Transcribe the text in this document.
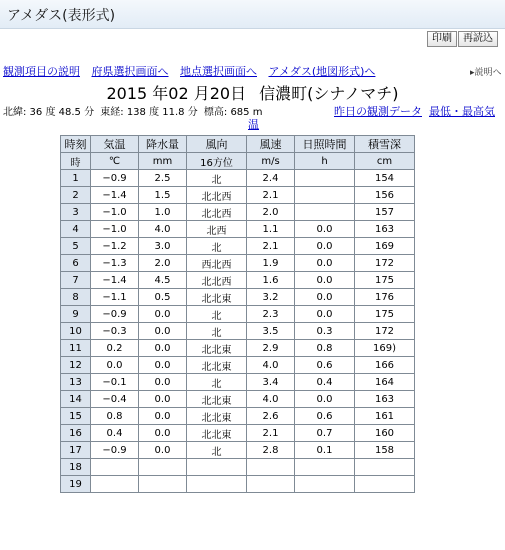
アメダス(表形式)
印刷	再読込
観測項目の説明 府県選択画面へ 地点選択画面へ アメダス(地図形式)へ	▸説明へ
2015 年02 月20日 信濃町(シナノマチ)
北緯: 36 度 48.5 分 東経: 138 度 11.8 分 標高: 685 m	昨日の観測データ 最低・最高気
温
時刻	気温	降水量	風向	風速	日照時間	積雪深
時	℃	mm	16方位	m/s	h	cm
1	−0.9	2.5	北	2.4		154
2	−1.4	1.5	北北西	2.1		156
3	−1.0	1.0	北北西	2.0		157
4	−1.0	4.0	北西	1.1	0.0	163
5	−1.2	3.0	北	2.1	0.0	169
6	−1.3	2.0	西北西	1.9	0.0	172
7	−1.4	4.5	北北西	1.6	0.0	175
8	−1.1	0.5	北北東	3.2	0.0	176
9	−0.9	0.0	北	2.3	0.0	175
10	−0.3	0.0	北	3.5	0.3	172
11	0.2	0.0	北北東	2.9	0.8	169)
12	0.0	0.0	北北東	4.0	0.6	166
13	−0.1	0.0	北	3.4	0.4	164
14	−0.4	0.0	北北東	4.0	0.0	163
15	0.8	0.0	北北東	2.6	0.6	161
16	0.4	0.0	北北東	2.1	0.7	160
17	−0.9	0.0	北	2.8	0.1	158
18						
19						
